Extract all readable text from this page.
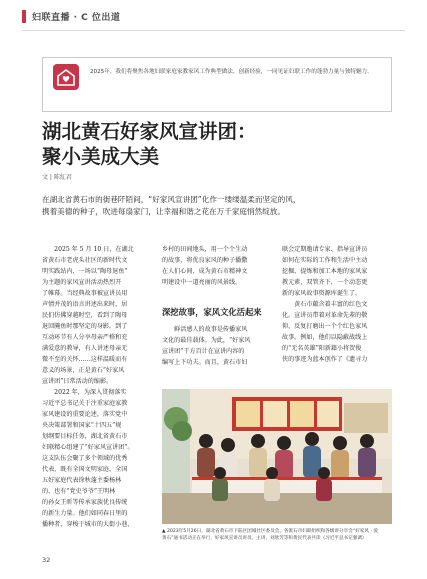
妇联直播 · C 位出道
2025年，我们将聚焦各地妇联家庭家教家风工作典型做法、创新经验，一同见证妇联工作的蓬勃力量与独特魅力。
湖北黄石好家风宣讲团：
聚小美成大美
文 | 陈紅君
在湖北省黄石市的街巷阡陌间，“好家风宣讲团”化作一缕缕温柔而坚定的风，
携着美德的种子，吹进每扇家门，让幸福和谐之花在万千家庭悄然绽放。
　　2025 年 5 月 10 日，在湖北
省黄石市老虎头社区的新时代文
明实践站内，一场以“陶母退鱼”
为主题的家风宣讲活动热烈开
了帷幕。当经典故事被宣讲员用
声情并茂的语言讲述出来时，居
民们仿佛穿越时空，看到了陶母
退回腌鱼时那坚定的身影。到了
互动环节有人分享母亲严格和充
满爱意的教导，有人讲述母亲无
微不至的关怀……这样温暖而有
意义的场景，正是黄石“好家风
宣讲团”日常活动的缩影。
　　2022 年，为深入贯彻落实
习近平总书记关于注重家庭家教
家风建设的重要论述，落实党中
央决策部署和国家“十四五”规
划纲要目标任务，湖北省黄石市
妇联精心组建了“好家风宣讲团”。
这支队伍会聚了多个领域的优秀
代表，既有全国文明家庭、全国
五好家庭代表徐秋蓬主委杨林
的，也有“党史爷爷”王明林
的孙女王昕等传承家族优良传统
的新生力量。他们如同春日里的
播种者，穿梭于城市的大街小巷、
乡村的田间地头，用一个个生动
的故事，将优良家风的种子播撒
在人们心间，成为黄石市精神文
明建设中一道亮丽的风景线。
深挖故事，家风文化活起来
　　鲜活感人的故事是传播家风
文化的最佳载体。为此，“好家风
宣讲团”干方百计在宣讲内容的
编写上下功夫。而且，黄石市妇
联会定期邀请专家、指导宣讲员
如何在实际的工作和生活中主动
挖掘、提炼和加工本地的家风家
教元素，双管齐下，一个动态更
新的家风故事资源库诞生了。
　　黄石市藴含着丰富的红色文
化。宣讲员带着对革命先辈的敬
仰，反复打磨出一个个红色家风
故事。例如，他们以隐蔽战线上
的“无名英雄”阳新籍小将贺俊
侠的事迹为蓝本创作了《遗寻力
▲ 2023年5月26日，湖北省黄石市下陆区团城社区委员会、各派石市妇联组织和各级讲分享会“好家风 · 爱
黄石”通书活动正在举行，好家风宣讲员讲员、主讲、刘欣芳等和黄民代表共读《习近平总书记强调》
32
